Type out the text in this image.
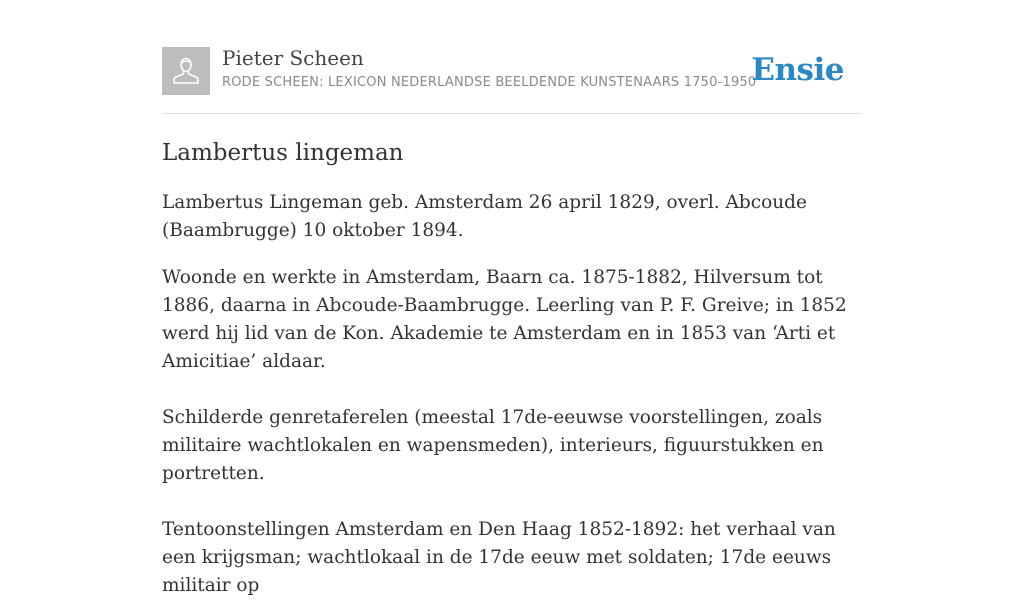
Pieter Scheen
RODE SCHEEN: LEXICON NEDERLANDSE BEELDENDE KUNSTENAARS 1750-1950
Ensie
Lambertus lingeman

Lambertus Lingeman geb. Amsterdam 26 april 1829, overl. Abcoude (Baambrugge) 10 oktober 1894.

Woonde en werkte in Amsterdam, Baarn ca. 1875-1882, Hilversum tot 1886, daarna in Abcoude-Baambrugge. Leerling van P. F. Greive; in 1852 werd hij lid van de Kon. Akademie te Amsterdam en in 1853 van ‘Arti et Amicitiae’ aldaar.

Schilderde genretaferelen (meestal 17de-eeuwse voorstellingen, zoals militaire wachtlokalen en wapensmeden), interieurs, figuurstukken en portretten.

Tentoonstellingen Amsterdam en Den Haag 1852-1892: het verhaal van een krijgsman; wachtlokaal in de 17de eeuw met soldaten; 17de eeuws militair op
